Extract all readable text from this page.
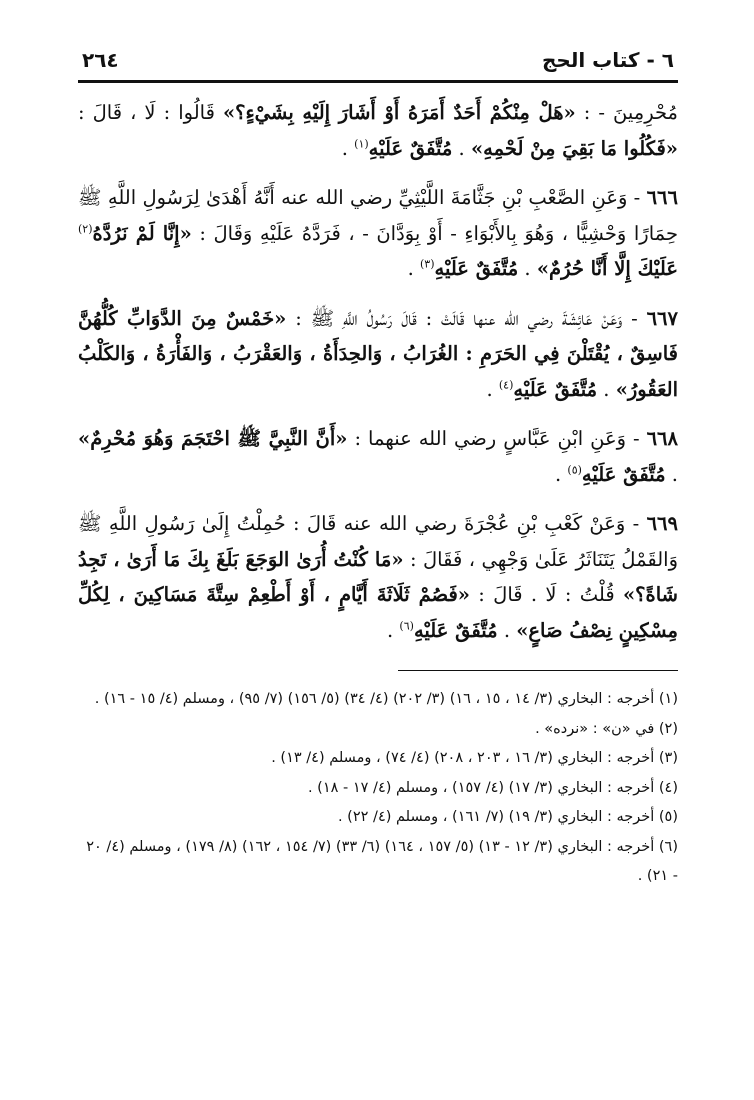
٦ - كتاب الحج
٢٦٤

مُحْرِمِينَ - : «هَلْ مِنْكُمْ أَحَدٌ أَمَرَهُ أَوْ أَشَارَ إِلَيْهِ بِشَيْءٍ؟» قَالُوا : لَا ، قَالَ : «فَكُلُوا مَا بَقِيَ مِنْ لَحْمِهِ» . مُتَّفَقٌ عَلَيْهِ$^{(١)}$ .

٦٦٦ - وَعَنِ الصَّعْبِ بْنِ جَثَّامَةَ اللَّيْثِيِّ رضي الله عنه أَنَّهُ أَهْدَىٰ لِرَسُولِ اللَّهِ ﷺ حِمَارًا وَحْشِيًّا ، وَهُوَ بِالأَبْوَاءِ - أَوْ بِوَدَّانَ - ، فَرَدَّهُ عَلَيْهِ وَقَالَ : «إِنَّا لَمْ نَرُدَّهُ$^{(٢)}$ عَلَيْكَ إِلَّا أَنَّا حُرُمٌ» . مُتَّفَقٌ عَلَيْهِ$^{(٣)}$ .

٦٦٧ - وَعَنْ عَائِشَةَ رضي الله عنها قَالَتْ : قَالَ رَسُولُ اللَّهِ ﷺ : «خَمْسٌ مِنَ الدَّوَابِّ كُلُّهُنَّ فَاسِقٌ ، يُقْتَلْنَ فِي الحَرَمِ : الغُرَابُ ، وَالحِدَأَةُ ، وَالعَقْرَبُ ، وَالفَأْرَةُ ، وَالكَلْبُ العَقُورُ» . مُتَّفَقٌ عَلَيْهِ$^{(٤)}$ .

٦٦٨ - وَعَنِ ابْنِ عَبَّاسٍ رضي الله عنهما : «أَنَّ النَّبِيَّ ﷺ احْتَجَمَ وَهُوَ مُحْرِمٌ» . مُتَّفَقٌ عَلَيْهِ$^{(٥)}$ .

٦٦٩ - وَعَنْ كَعْبِ بْنِ عُجْرَةَ رضي الله عنه قَالَ : حُمِلْتُ إِلَىٰ رَسُولِ اللَّهِ ﷺ وَالقَمْلُ يَتَنَاثَرُ عَلَىٰ وَجْهِي ، فَقَالَ : «مَا كُنْتُ أُرَىٰ الوَجَعَ بَلَغَ بِكَ مَا أَرَىٰ ، تَجِدُ شَاةً؟» قُلْتُ : لَا . قَالَ : «فَصُمْ ثَلَاثَةَ أَيَّامٍ ، أَوْ أَطْعِمْ سِتَّةَ مَسَاكِينَ ، لِكُلِّ مِسْكِينٍ نِصْفُ صَاعٍ» . مُتَّفَقٌ عَلَيْهِ$^{(٦)}$ .

(١) أخرجه : البخاري (٣/ ١٤ ، ١٥ ، ١٦) (٣/ ٢٠٢) (٤/ ٣٤) (٥/ ١٥٦) (٧/ ٩٥) ، ومسلم (٤/ ١٥ - ١٦) .

(٢) في «ن» : «نرده» .

(٣) أخرجه : البخاري (٣/ ١٦ ، ٢٠٣ ، ٢٠٨) (٤/ ٧٤) ، ومسلم (٤/ ١٣) .

(٤) أخرجه : البخاري (٣/ ١٧) (٤/ ١٥٧) ، ومسلم (٤/ ١٧ - ١٨) .

(٥) أخرجه : البخاري (٣/ ١٩) (٧/ ١٦١) ، ومسلم (٤/ ٢٢) .

(٦) أخرجه : البخاري (٣/ ١٢ - ١٣) (٥/ ١٥٧ ، ١٦٤) (٦/ ٣٣) (٧/ ١٥٤ ، ١٦٢) (٨/ ١٧٩) ، ومسلم (٤/ ٢٠ - ٢١) .
